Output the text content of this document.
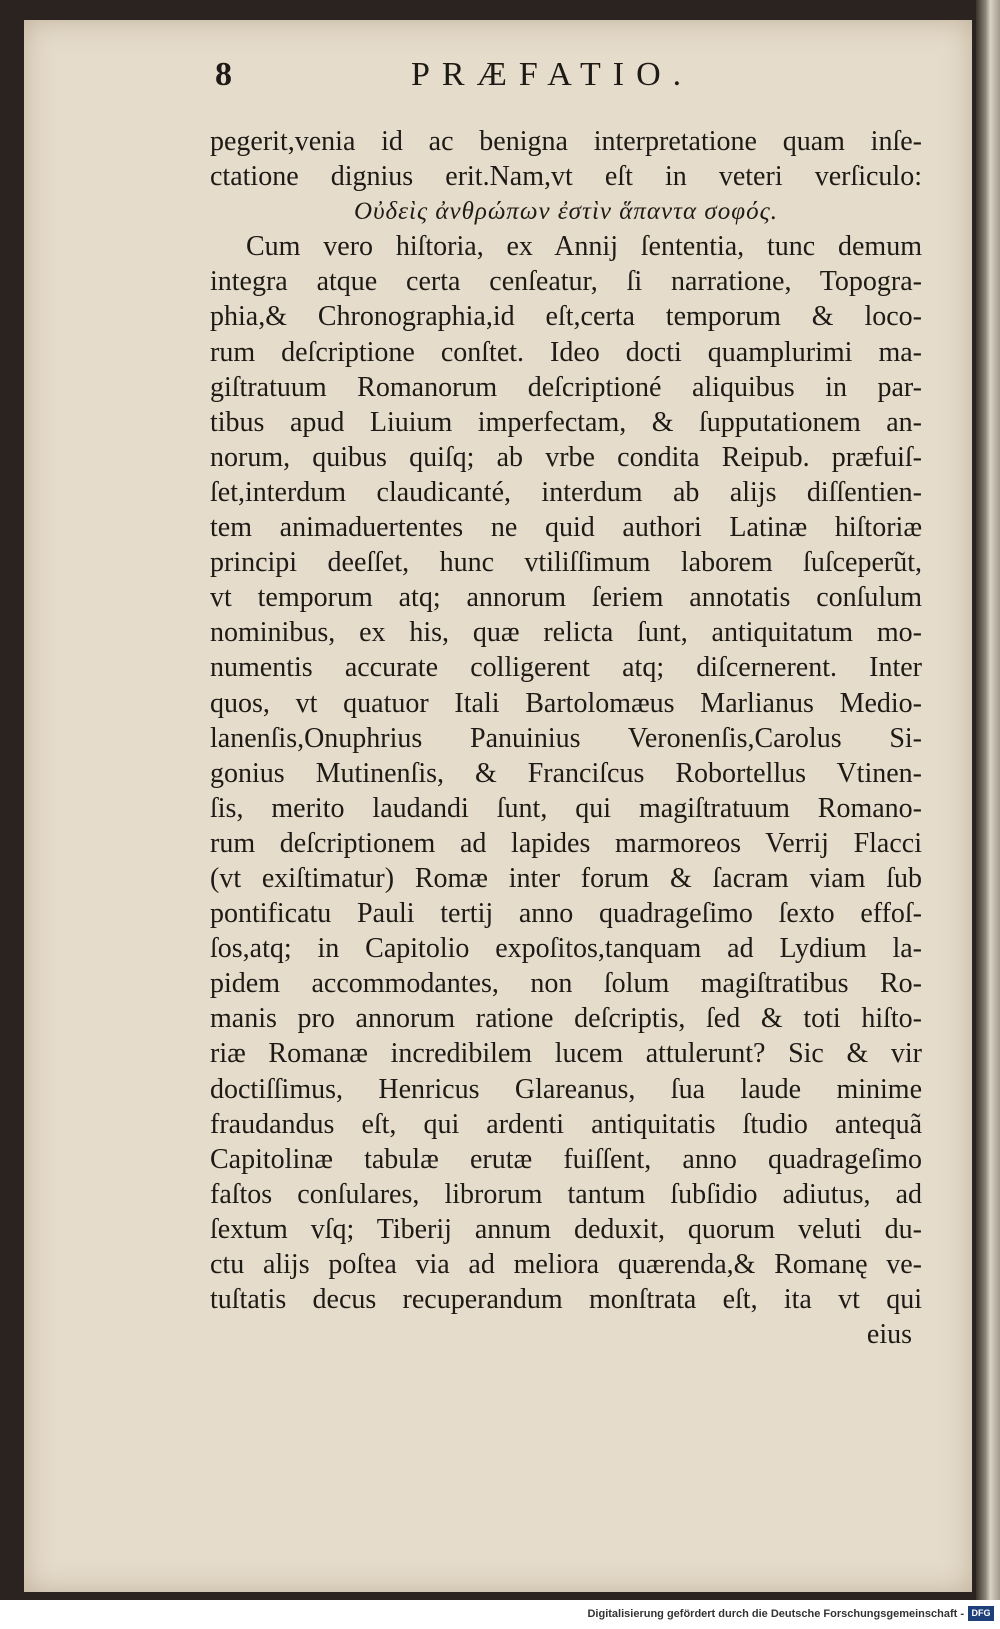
8	PRÆFATIO.
pegerit,venia id ac benigna interpretatione quam inſe-
ctatione dignius erit.Nam,vt eſt in veteri verſiculo:
Οὐδεὶς ἀνθρώπων ἐστὶν ἅπαντα σοφός.
Cum vero hiſtoria, ex Annij ſententia, tunc demum
integra atque certa cenſeatur, ſi narratione, Topogra-
phia,& Chronographia,id eſt,certa temporum & loco-
rum deſcriptione conſtet. Ideo docti quamplurimi ma-
giſtratuum Romanorum deſcriptioné aliquibus in par-
tibus apud Liuium imperfectam, & ſupputationem an-
norum, quibus quiſq; ab vrbe condita Reipub. præfuiſ-
ſet,interdum claudicanté, interdum ab alijs diſſentien-
tem animaduertentes ne quid authori Latinæ hiſtoriæ
principi deeſſet, hunc vtiliſſimum laborem ſuſceperũt,
vt temporum atq; annorum ſeriem annotatis conſulum
nominibus, ex his, quæ relicta ſunt, antiquitatum mo-
numentis accurate colligerent atq; diſcernerent. Inter
quos, vt quatuor Itali Bartolomæus Marlianus Medio-
lanenſis,Onuphrius Panuinius Veronenſis,Carolus Si-
gonius Mutinenſis, & Franciſcus Robortellus Vtinen-
ſis, merito laudandi ſunt, qui magiſtratuum Romano-
rum deſcriptionem ad lapides marmoreos Verrij Flacci
(vt exiſtimatur) Romæ inter forum & ſacram viam ſub
pontificatu Pauli tertij anno quadrageſimo ſexto effoſ-
ſos,atq; in Capitolio expoſitos,tanquam ad Lydium la-
pidem accommodantes, non ſolum magiſtratibus Ro-
manis pro annorum ratione deſcriptis, ſed & toti hiſto-
riæ Romanæ incredibilem lucem attulerunt? Sic & vir
doctiſſimus, Henricus Glareanus, ſua laude minime
fraudandus eſt, qui ardenti antiquitatis ſtudio antequã
Capitolinæ tabulæ erutæ fuiſſent, anno quadrageſimo
faſtos conſulares, librorum tantum ſubſidio adiutus, ad
ſextum vſq; Tiberij annum deduxit, quorum veluti du-
ctu alijs poſtea via ad meliora quærenda,& Romanę ve-
tuſtatis decus recuperandum monſtrata eſt, ita vt qui
eius
Digitalisierung gefördert durch die Deutsche Forschungsgemeinschaft - DFG
